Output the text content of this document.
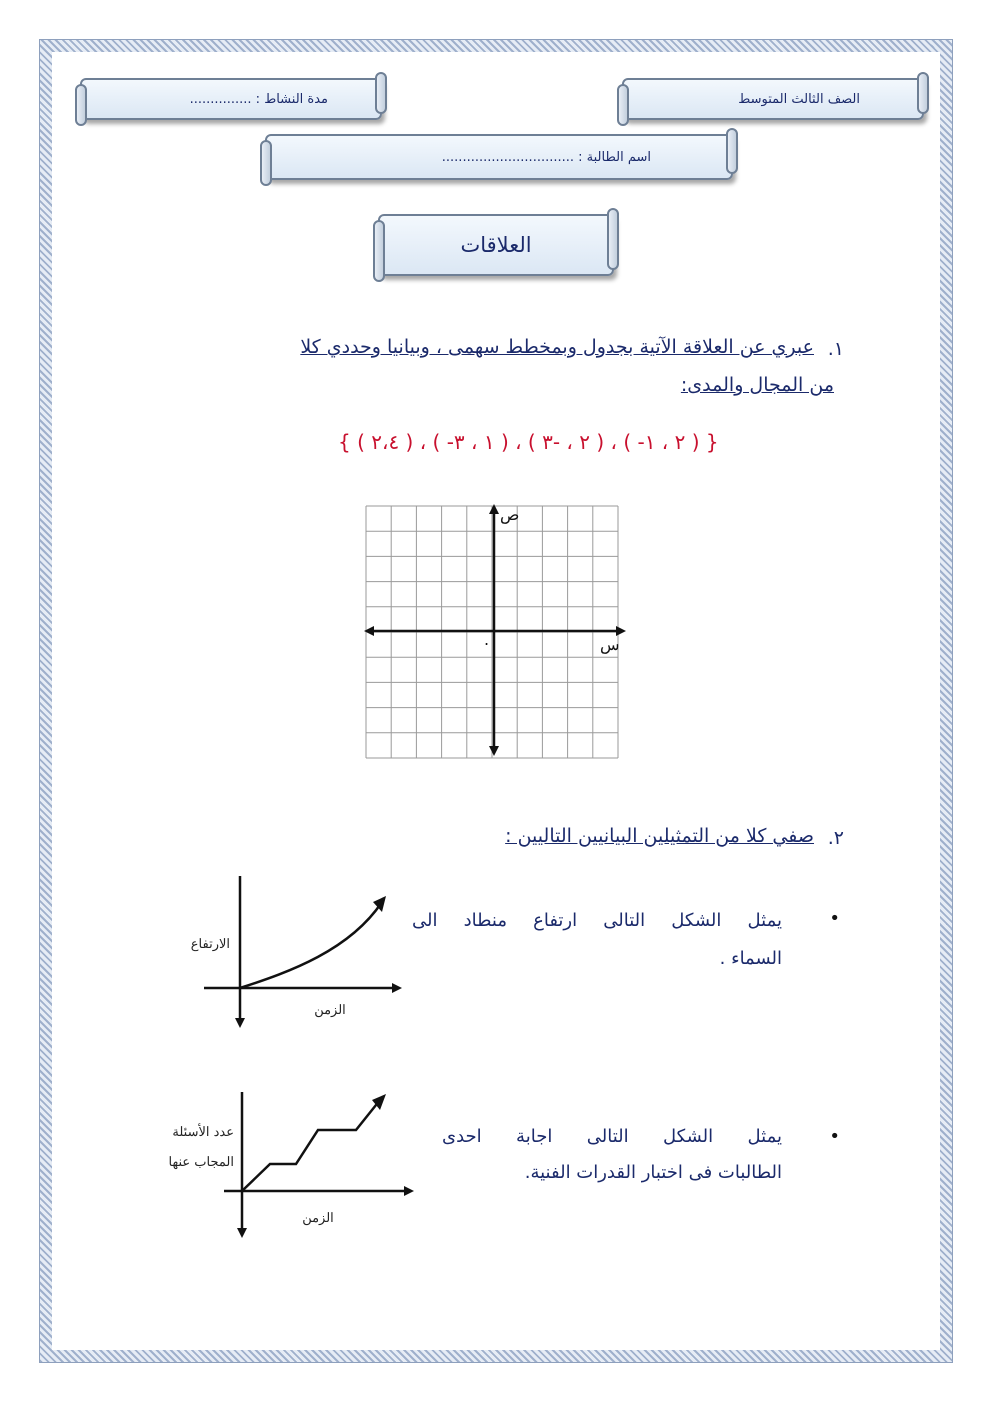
الصف الثالث المتوسط
مدة النشاط : ...............
اسم الطالبة : ................................
العلاقات
١.
عبري عن العلاقة الآتية بجدول وبمخطط سهمى ، وبيانيا وحددي كلا
من المجال والمدى:
{ ( ٢،٤ ) ، ( -١ ، ٣ ) ، ( ٢ ، -٣ ) ، ( -٢ ، ١ ) }
ص
س
.
٢.
صفي كلا من التمثيلين البيانيين التاليين :
•
يمثل الشكل التالى ارتفاع منطاد الى
السماء .
•
يمثل الشكل التالى اجابة احدى
الطالبات فى اختبار القدرات الفنية.
الارتفاع
الزمن
عدد الأسئلة
المجاب عنها
الزمن
